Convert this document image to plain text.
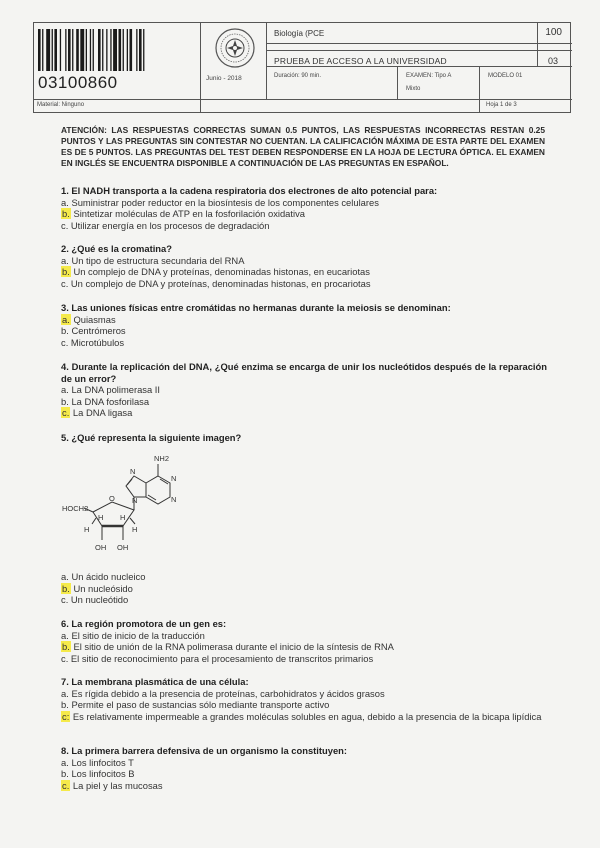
03100860	Junio - 2018
Biología (PCE	100
PRUEBA DE ACCESO A LA UNIVERSIDAD	03
Duración: 90 min.	EXAMEN: Tipo A
Mixto
MODELO 01
Material: Ninguno	Hoja 1 de 3
ATENCIÓN: LAS RESPUESTAS CORRECTAS SUMAN 0.5 PUNTOS, LAS RESPUESTAS INCORRECTAS RESTAN 0.25 PUNTOS Y LAS PREGUNTAS SIN CONTESTAR NO CUENTAN. LA CALIFICACIÓN MÁXIMA DE ESTA PARTE DEL EXAMEN ES DE 5 PUNTOS. LAS PREGUNTAS DEL TEST DEBEN RESPONDERSE EN LA HOJA DE LECTURA ÓPTICA. EL EXAMEN EN INGLÉS SE ENCUENTRA DISPONIBLE A CONTINUACIÓN DE LAS PREGUNTAS EN ESPAÑOL.
1. El NADH transporta a la cadena respiratoria dos electrones de alto potencial para:
a. Suministrar poder reductor en la biosíntesis de los componentes celulares
b. Sintetizar moléculas de ATP en la fosforilación oxidativa
c. Utilizar energía en los procesos de degradación
2. ¿Qué es la cromatina?
a. Un tipo de estructura secundaria del RNA
b. Un complejo de DNA y proteínas, denominadas histonas, en eucariotas
c. Un complejo de DNA y proteínas, denominadas histonas, en procariotas
3. Las uniones físicas entre cromátidas no hermanas durante la meiosis se denominan:
a. Quiasmas
b. Centrómeros
c. Microtúbulos
4. Durante la replicación del DNA, ¿Qué enzima se encarga de unir los nucleótidos después de la reparación de un error?
a. La DNA polimerasa II
b. La DNA fosforilasa
c. La DNA ligasa
5. ¿Qué representa la siguiente imagen?
NH2
N
N
N
N
HOCH2
O
H H
H	H
OH OH
a. Un ácido nucleico
b. Un nucleósido
c. Un nucleótido
6. La región promotora de un gen es:
a. El sitio de inicio de la traducción
b. El sitio de unión de la RNA polimerasa durante el inicio de la síntesis de RNA
c. El sitio de reconocimiento para el procesamiento de transcritos primarios
7. La membrana plasmática de una célula:
a. Es rígida debido a la presencia de proteínas, carbohidratos y ácidos grasos
b. Permite el paso de sustancias sólo mediante transporte activo
c: Es relativamente impermeable a grandes moléculas solubles en agua, debido a la presencia de la bicapa lipídica
8. La primera barrera defensiva de un organismo la constituyen:
a. Los linfocitos T
b. Los linfocitos B
c. La piel y las mucosas
